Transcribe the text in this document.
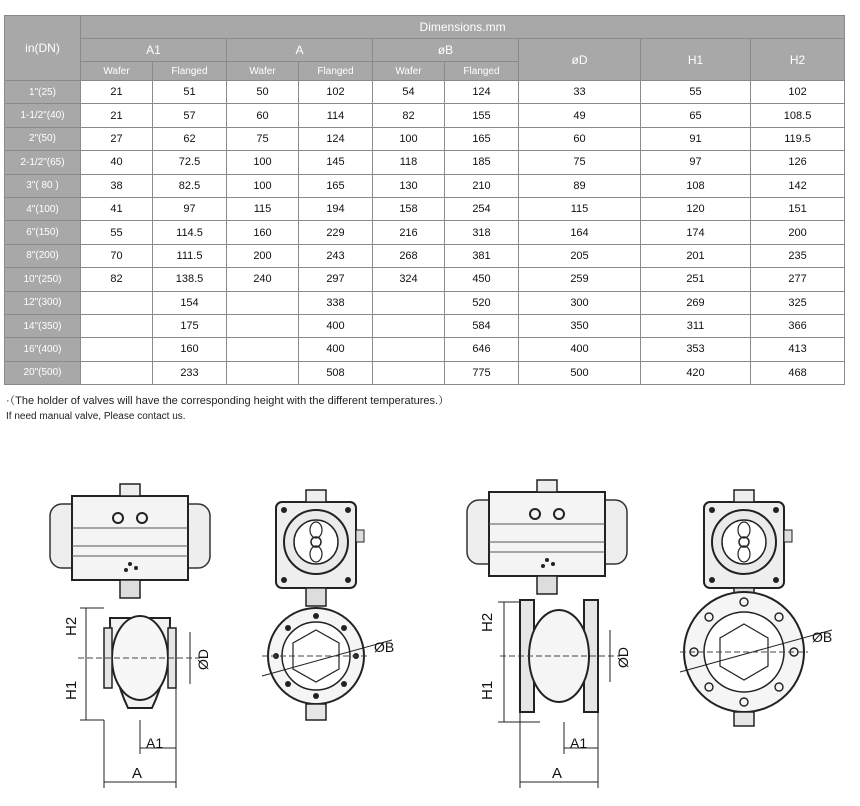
in(DN)	Dimensions.mm								
	A1		A		øB		øD	H1	H2
	Wafer	Flanged	Wafer	Flanged	Wafer	Flanged			
1"(25)	21	51	50	102	54	124	33	55	102
1-1/2"(40)	21	57	60	114	82	155	49	65	108.5
2"(50)	27	62	75	124	100	165	60	91	119.5
2-1/2"(65)	40	72.5	100	145	118	185	75	97	126
3"( 80 )	38	82.5	100	165	130	210	89	108	142
4"(100)	41	97	115	194	158	254	115	120	151
6"(150)	55	114.5	160	229	216	318	164	174	200
8"(200)	70	111.5	200	243	268	381	205	201	235
10"(250)	82	138.5	240	297	324	450	259	251	277
12"(300)		154		338		520	300	269	325
14"(350)		175		400		584	350	311	366
16"(400)		160		400		646	400	353	413
20"(500)		233		508		775	500	420	468
·（The holder of valves will have the corresponding height with the different temperatures.）
If need manual valve, Please contact us.
H2
H1
ØD
A1
A
ØB
H2
H1
ØD
A1
A
ØB
